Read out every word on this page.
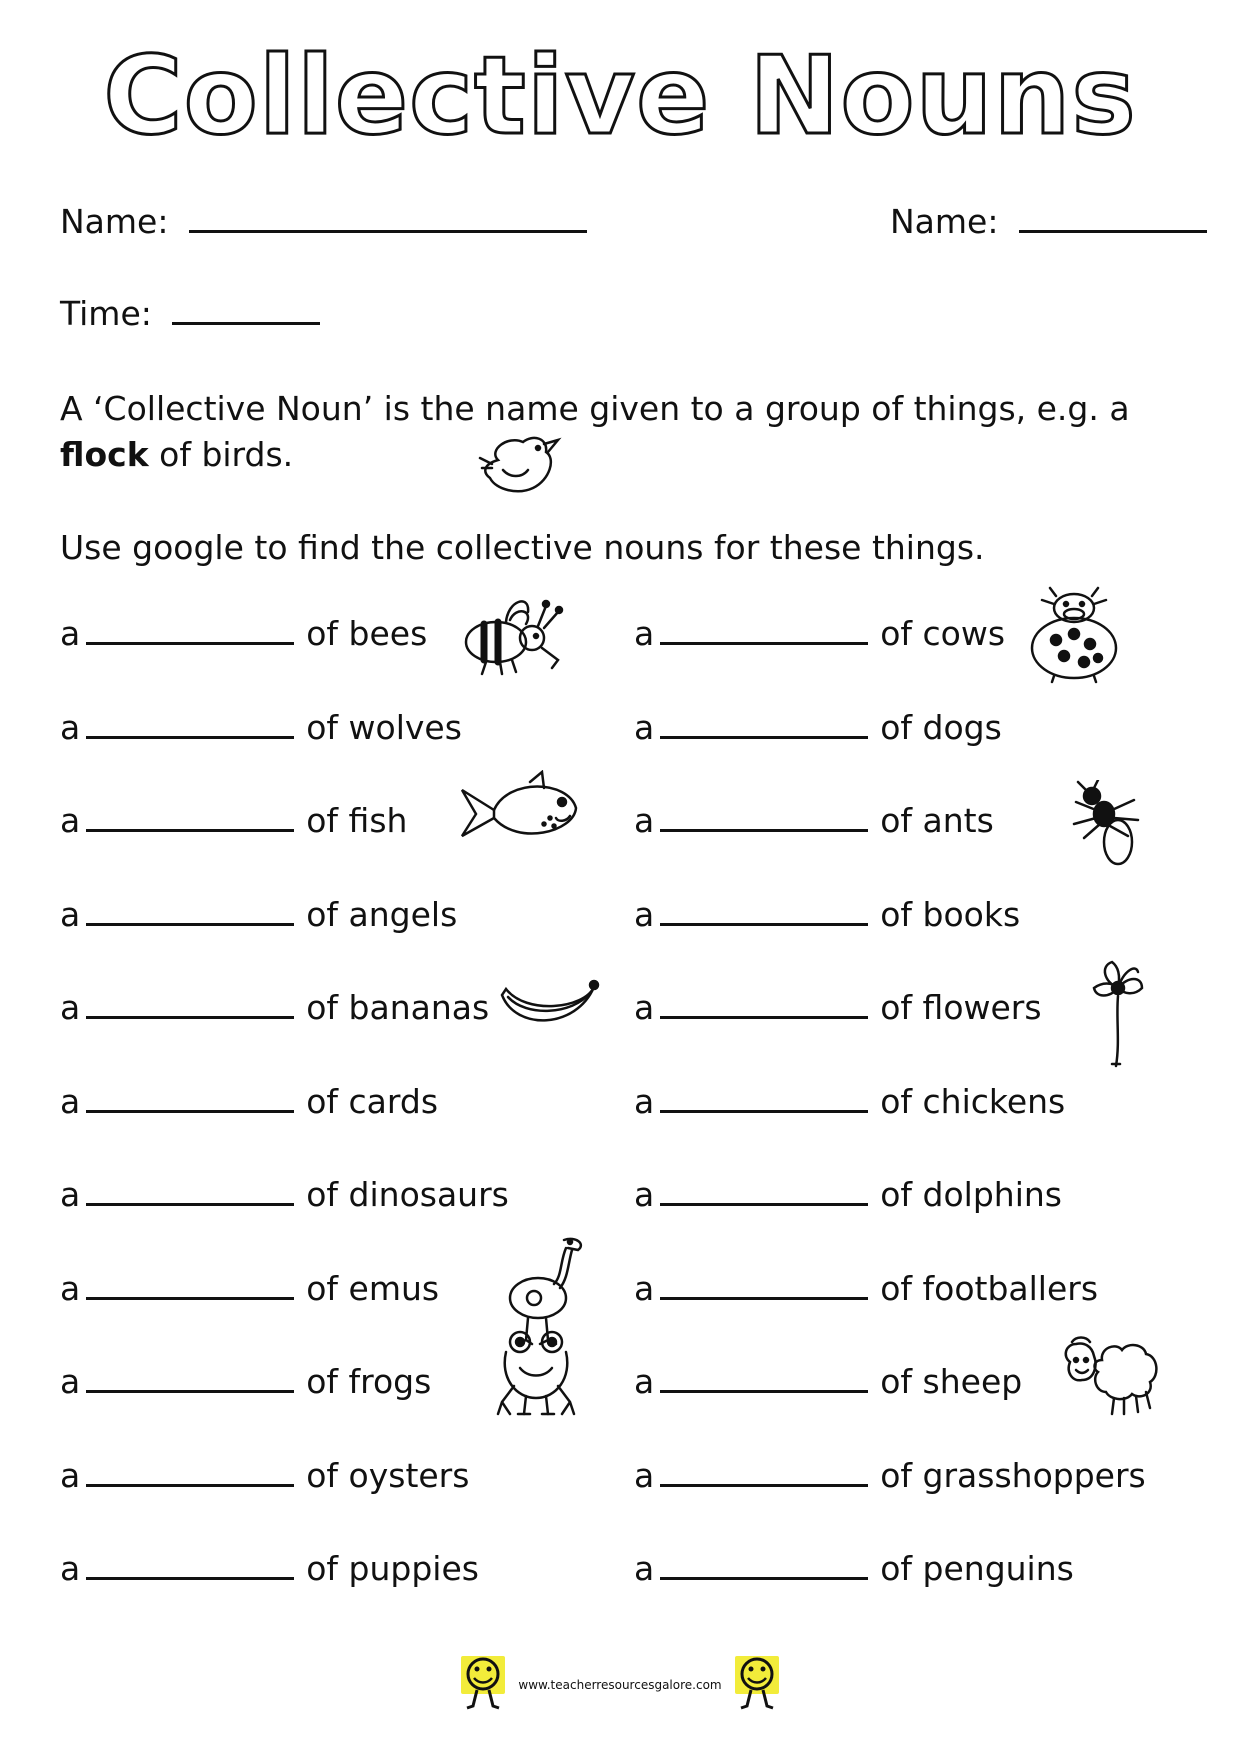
Collective Nouns
Name:	Name:
Time:
A ‘Collective Noun’ is the name given to a group of things, e.g. a flock of birds.
Use google to find the collective nouns for these things.
a	of bees
a	of wolves
a	of fish
a	of angels
a	of bananas
a	of cards
a	of dinosaurs
a	of emus
a	of frogs
a	of oysters
a	of puppies
a	of cows
a	of dogs
a	of ants
a	of books
a	of flowers
a	of chickens
a	of dolphins
a	of footballers
a	of sheep
a	of grasshoppers
a	of penguins
www.teacherresourcesgalore.com
